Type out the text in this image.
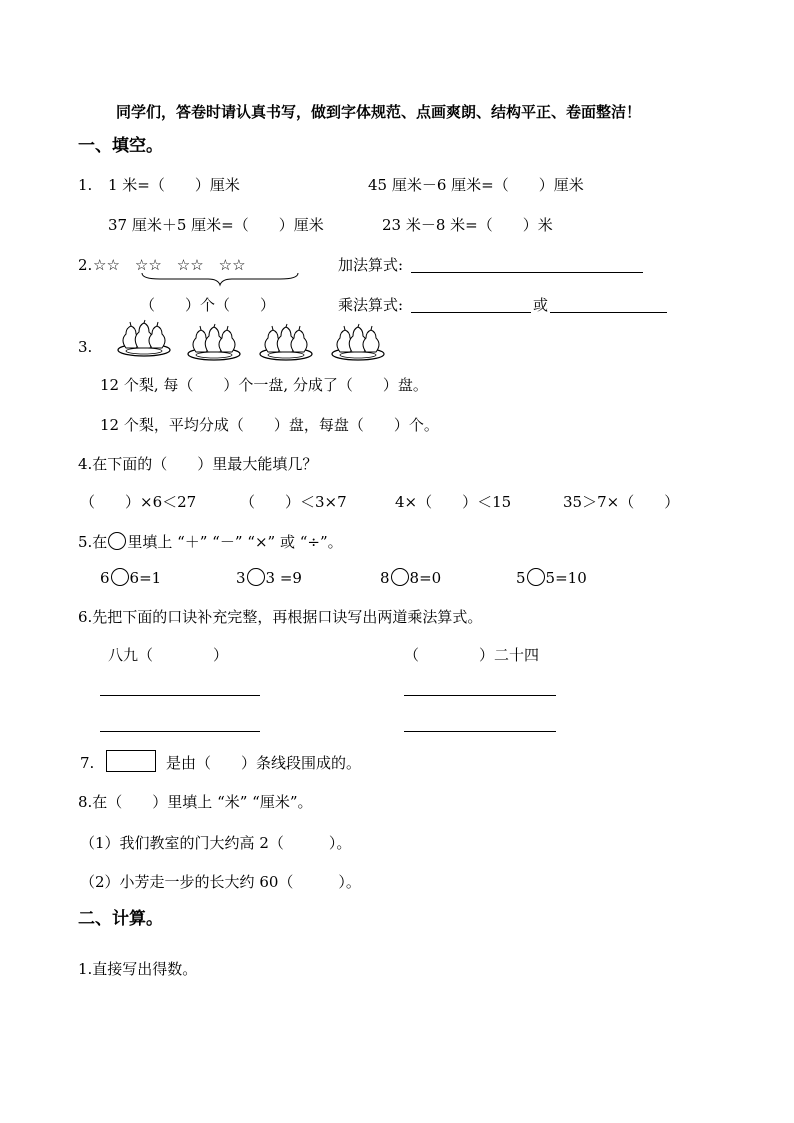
同学们，答卷时请认真书写，做到字体规范、点画爽朗、结构平正、卷面整洁！
一、填空。
1. 1 米=（　　）厘米	45 厘米－6 厘米=（　　）厘米
37 厘米＋5 厘米=（　　）厘米	23 米－8 米=（　　）米
2. ☆☆　☆☆　☆☆　☆☆	加法算式:
（　　）个（　　）	乘法算式:	或
3.
12 个梨, 每（　　）个一盘, 分成了（　　）盘。
12 个梨，平均分成（　　）盘，每盘（　　）个。
4.在下面的（　　）里最大能填几？
（　　）×6＜27	（　　）＜3×7	4×（　　）＜15	35＞7×（　　）
5.在 里填上 “＋” “－” “×” 或 “÷”。
6 6=1	3 3 =9	8 8=0	5 5=10
6.先把下面的口诀补充完整，再根据口诀写出两道乘法算式。
八九（　　　　）	（　　　　）二十四
7.	是由（　　）条线段围成的。
8.在（　　）里填上 “米” “厘米”。
（1）我们教室的门大约高 2（　　　）。
（2）小芳走一步的长大约 60（　　　）。
二、计算。
1.直接写出得数。
